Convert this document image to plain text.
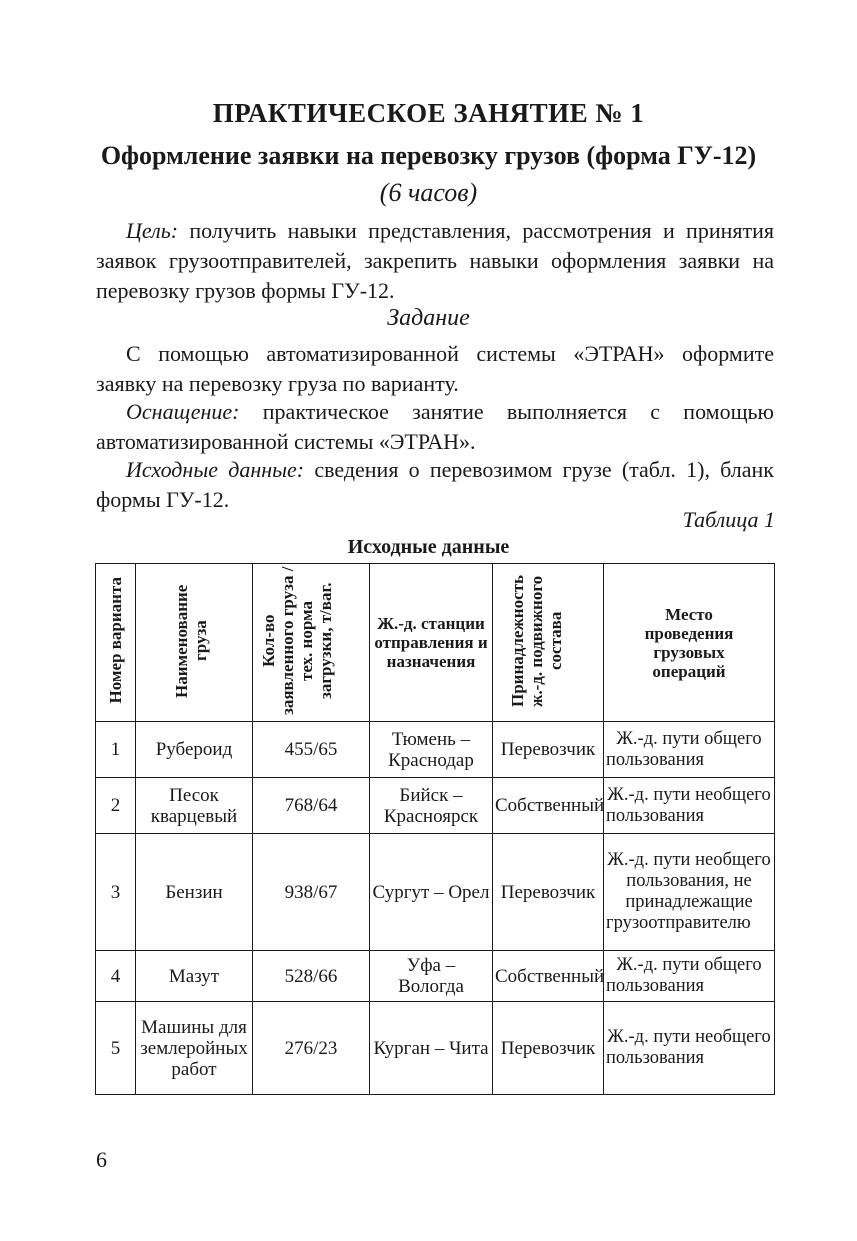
ПРАКТИЧЕСКОЕ ЗАНЯТИЕ № 1
Оформление заявки на перевозку грузов (форма ГУ-12)
(6 часов)
Цель: получить навыки представления, рассмотрения и принятия заявок грузоотправителей, закрепить навыки оформления заявки на перевозку грузов формы ГУ-12.
Задание
С помощью автоматизированной системы «ЭТРАН» оформите заявку на перевозку груза по варианту.
Оснащение: практическое занятие выполняется с помощью автоматизированной системы «ЭТРАН».
Исходные данные: сведения о перевозимом грузе (табл. 1), бланк формы ГУ-12.
Таблица 1
Исходные данные
Номер варианта	Наименование груза	Кол-во заявленного груза / тех. норма загрузки, т/ваг.	Ж.-д. станции отправления и назначения	Принадлежность ж.-д. подвижного состава	Место проведения грузовых операций
1	Рубероид	455/65	Тюмень – Краснодар	Перевозчик	Ж.-д. пути общего пользования
2	Песок кварцевый	768/64	Бийск – Красноярск	Собственный	Ж.-д. пути необщего пользования
3	Бензин	938/67	Сургут – Орел	Перевозчик	Ж.-д. пути необщего пользования, не принадлежащие грузоотправителю
4	Мазут	528/66	Уфа – Вологда	Собственный	Ж.-д. пути общего пользования
5	Машины для землеройных работ	276/23	Курган – Чита	Перевозчик	Ж.-д. пути необщего пользования
6
